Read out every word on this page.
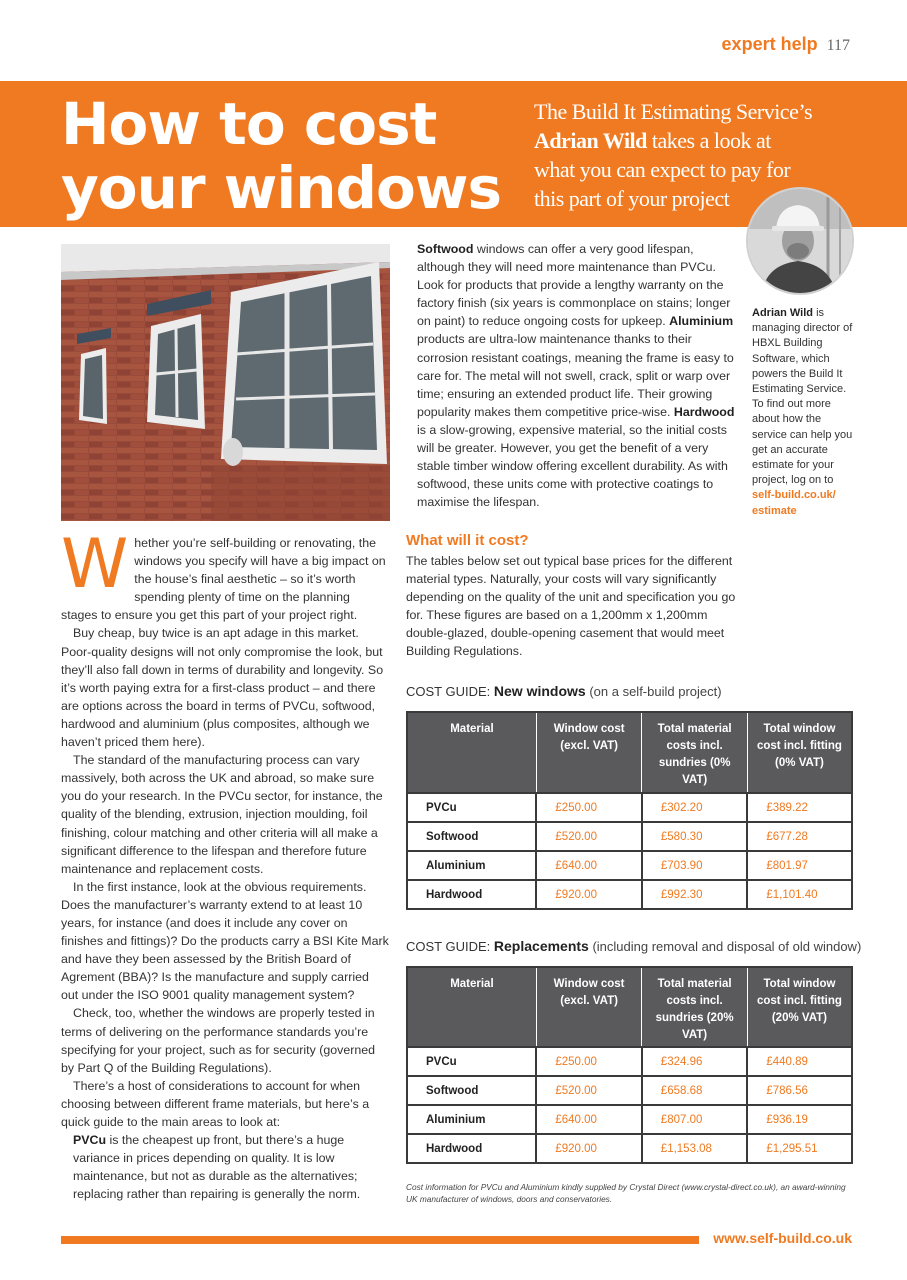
expert help 117
How to cost
your windows
The Build It Estimating Service’s
Adrian Wild takes a look at
what you can expect to pay for
this part of your project
Adrian Wild is managing director of HBXL Building Software, which powers the Build It Estimating Service. To find out more about how the service can help you get an accurate estimate for your project, log on to self-build.co.uk/ estimate

Whether you’re self-building or renovating, the windows you specify will have a big impact on the house’s final aesthetic – so it’s worth spending plenty of time on the planning stages to ensure you get this part of your project right.

Buy cheap, buy twice is an apt adage in this market. Poor-quality designs will not only compromise the look, but they’ll also fall down in terms of durability and longevity. So it’s worth paying extra for a first-class product – and there are options across the board in terms of PVCu, softwood, hardwood and aluminium (plus composites, although we haven’t priced them here).

The standard of the manufacturing process can vary massively, both across the UK and abroad, so make sure you do your research. In the PVCu sector, for instance, the quality of the blending, extrusion, injection moulding, foil finishing, colour matching and other criteria will all make a significant difference to the lifespan and therefore future maintenance and replacement costs.

In the first instance, look at the obvious requirements. Does the manufacturer’s warranty extend to at least 10 years, for instance (and does it include any cover on finishes and fittings)? Do the products carry a BSI Kite Mark and have they been assessed by the British Board of Agrement (BBA)? Is the manufacture and supply carried out under the ISO 9001 quality management system?

Check, too, whether the windows are properly tested in terms of delivering on the performance standards you’re specifying for your project, such as for security (governed by Part Q of the Building Regulations).

There’s a host of considerations to account for when choosing between different frame materials, but here’s a quick guide to the main areas to look at:

PVCu is the cheapest up front, but there’s a huge variance in prices depending on quality. It is low maintenance, but not as durable as the alternatives; replacing rather than repairing is generally the norm.

Softwood windows can offer a very good lifespan, although they will need more maintenance than PVCu. Look for products that provide a lengthy warranty on the factory finish (six years is commonplace on stains; longer on paint) to reduce ongoing costs for upkeep. Aluminium products are ultra-low maintenance thanks to their corrosion resistant coatings, meaning the frame is easy to care for. The metal will not swell, crack, split or warp over time; ensuring an extended product life. Their growing popularity makes them competitive price-wise. Hardwood is a slow-growing, expensive material, so the initial costs will be greater. However, you get the benefit of a very stable timber window offering excellent durability. As with softwood, these units come with protective coatings to maximise the lifespan.
What will it cost?

The tables below set out typical base prices for the different material types. Naturally, your costs will vary significantly depending on the quality of the unit and specification you go for. These figures are based on a 1,200mm x 1,200mm double-glazed, double-opening casement that would meet Building Regulations.

COST GUIDE: New windows (on a self-build project)
Material	Window cost (excl. VAT)	Total material costs incl. sundries (0% VAT)	Total window cost incl. fitting (0% VAT)
PVCu	£250.00	£302.20	£389.22
Softwood	£520.00	£580.30	£677.28
Aluminium	£640.00	£703.90	£801.97
Hardwood	£920.00	£992.30	£1,101.40
COST GUIDE: Replacements (including removal and disposal of old window)
Material	Window cost (excl. VAT)	Total material costs incl. sundries (20% VAT)	Total window cost incl. fitting (20% VAT)
PVCu	£250.00	£324.96	£440.89
Softwood	£520.00	£658.68	£786.56
Aluminium	£640.00	£807.00	£936.19
Hardwood	£920.00	£1,153.08	£1,295.51

Cost information for PVCu and Aluminium kindly supplied by Crystal Direct (www.crystal-direct.co.uk), an award-winning UK manufacturer of windows, doors and conservatories.

www.self-build.co.uk
